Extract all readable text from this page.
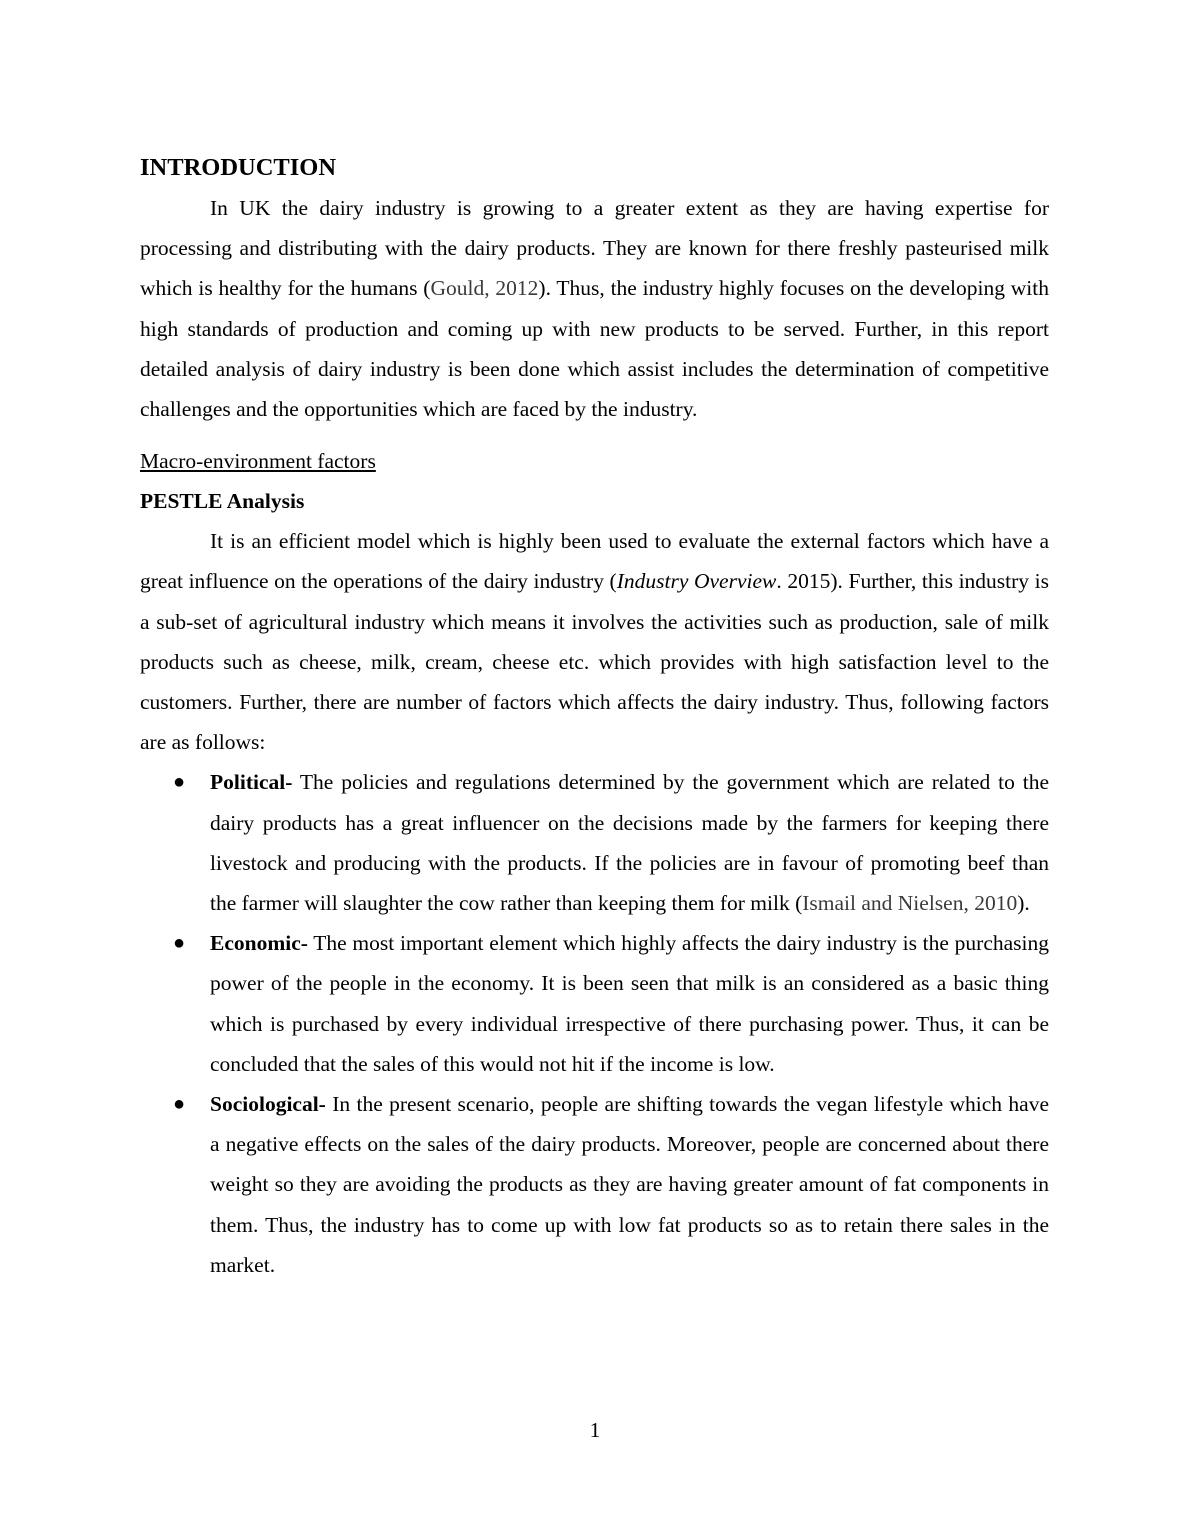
INTRODUCTION

In UK the dairy industry is growing to a greater extent as they are having expertise for processing and distributing with the dairy products. They are known for there freshly pasteurised milk which is healthy for the humans (Gould, 2012). Thus, the industry highly focuses on the developing with high standards of production and coming up with new products to be served. Further, in this report detailed analysis of dairy industry is been done which assist includes the determination of competitive challenges and the opportunities which are faced by the industry.

Macro-environment factors
PESTLE Analysis

It is an efficient model which is highly been used to evaluate the external factors which have a great influence on the operations of the dairy industry (Industry Overview. 2015). Further, this industry is a sub-set of agricultural industry which means it involves the activities such as production, sale of milk products such as cheese, milk, cream, cheese etc. which provides with high satisfaction level to the customers. Further, there are number of factors which affects the dairy industry. Thus, following factors are as follows:

● Political- The policies and regulations determined by the government which are related to the dairy products has a great influencer on the decisions made by the farmers for keeping there livestock and producing with the products. If the policies are in favour of promoting beef than the farmer will slaughter the cow rather than keeping them for milk (Ismail and Nielsen, 2010).
● Economic- The most important element which highly affects the dairy industry is the purchasing power of the people in the economy. It is been seen that milk is an considered as a basic thing which is purchased by every individual irrespective of there purchasing power. Thus, it can be concluded that the sales of this would not hit if the income is low.
● Sociological- In the present scenario, people are shifting towards the vegan lifestyle which have a negative effects on the sales of the dairy products. Moreover, people are concerned about there weight so they are avoiding the products as they are having greater amount of fat components in them. Thus, the industry has to come up with low fat products so as to retain there sales in the market.
1
